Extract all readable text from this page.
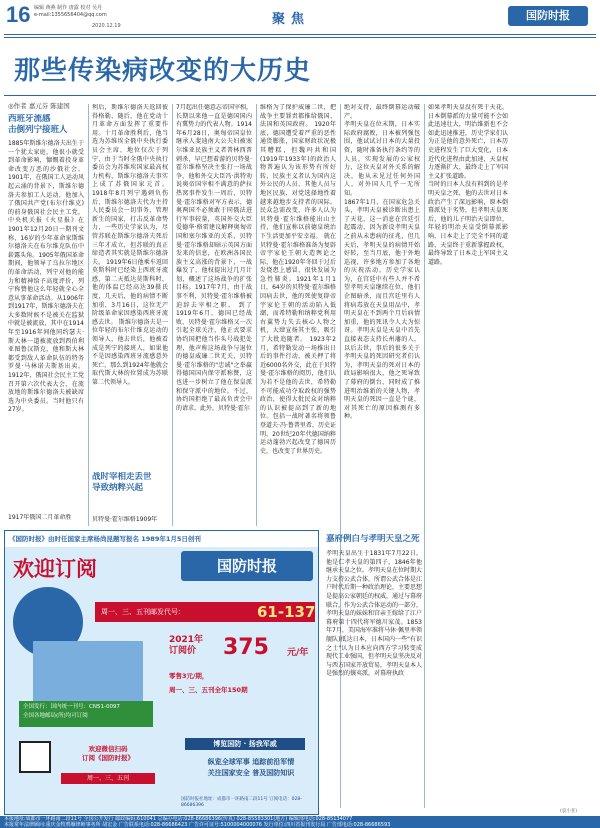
16 编辑 蒋燕 制作 唐露 校对 吴丹
e-mail:1355656404@qq.com
2020.12.19	聚焦	国防时报
那些传染病改变的大历史
◎作者 嘉元芬 陈建国
西班牙流感
击倒列宁接班人
1885年斯维尔德洛夫出生于一个犹太家庭，他很小就受到革命影响，慷慨着投身革命改变万恶的沙俄社会。1901年，在俄国工人运动风起云涌的背景下，斯维尔德洛夫参加工人运动，他加入了俄国共产党(布尔什维克)的前身俄国社会民主工党，中央机关报《火星报》在1901年12月20日一期刊文称，16岁的少年革命家斯维尔德洛夫在布尔维克队伍中崭露头角。1905年俄国革命期间，他领导了乌拉尔地区的革命活动，列宁对他的能力和精神给予高度评价，列宁称赞他这么年轻就全心全意从事革命活动。从1906年到1917年，斯维尔德洛夫在大多数时候不是被关在监狱中就是被流放，其中在1914年至1916年间他同约瑟夫·斯大林一道被流放到西伯利亚图鲁汉斯克，他和斯大林都受到敌人革命队伍的特务罗曼·马林诺夫斯基出卖。1912年，俄国社会民主工党召开第六次代表大会，在流放地的斯维尔德洛夫被缺席选为中央委员。当时他只有27岁。
1917年俄国二月革命胜
利后，斯维尔德洛夫返回彼得格勒，随后，他在党动十月革命方面发挥了重要作用。十月革命胜利后，他当选为苏维埃全俄中央执行委员会主席，地位仅次于列宁，由于当时全俄中央执行委员会为苏维埃国家最高权力机构，斯维尔德洛夫事实上成了苏俄国家元首。 1918年8月列宁遇刺负伤后，斯维尔德洛夫代为主持人民委员会一切事务，管理新生的国家，打击反革命势力，一些历史学家认为，尽管苏联在斯维尔德洛夫死后三年才成立，但苏联的真正缔造者其实就是斯维尔德洛夫。 1919年6日他乘车返回莫斯科时已经染上西班牙流感，第二天抵达莫斯科时，他的体温已经高达39摄氏度，几天后，他的病情不断加重，3月16日，这位无产阶级革命家因感染西班牙流感去世。 斯维尔德洛夫是一位年轻的布尔什维克运动的领导人，他去世后，他被看成是列宁的接班人，如果他不是因感染西班牙流感意外死亡，那么到1924年他就会取代斯大林的位置成为苏联第二代领导人。
战时宰相走丢世
导致纳粹兴起
贝特曼·霍尔维格1909年
7月起出任德意志帝国宰相，长期以来他一直是德国国内有冀势力的代表人物。1914年6月28日，奥匈帝国皇位继承人斐迪南大公夫妇被塞尔维亚民族主义者普林西普刺杀，早已想着游的贝特曼·霍尔维格坚决主张打一场战争，他和外交大臣冯·洪特劝说奥帝国宰相不满意的萨拉热窝事件发生一周后，贝特曼·霍尔维格对军方表示，德奥两国不必须敢于同俄法进行军事较量，英国外交大臣爱德华·格雷建议解释奥匈帝国和塞尔维亚的关系，贝特曼·霍尔维格却暗示英国方面发来的信息，在欧洲各国民族主义高涨的背景下，一战爆发了，他权提出过几月计划，概述了这场战争的扩张目标。1917年7月，由于战事不利，贝特曼·霍尔维格被迫辞去宰相之职。 到了1919年6月，德国已经战败，贝特曼·霍尔维格又一次引起全球关注，他正式要求协约国把他当作头号战犯处理，他声称这场战争与退位的德皇威廉二世无关，贝特曼·霍尔维格的"忠诚"之举赢得德国国内保守派称赞，这也进一步树立了他在保皇派和保守派中的地位。不过，协约国拒绝了最高负责会中的请求。此外，贝特曼·霍尔
维格为了保护威廉二世，把战争主要罪责都推给俄国、法国和英国政府。 1920年底，德国遭受着严重的恶性通货膨胀，国家财政状况极其糟糕，但魏玛共和国(1919年1933年)的政治人物普遍认为该形势有所好转，民族主义者认为国内这外公民的人员，其他人员与地区民族，对党选择地性着越来越地步支持者的国际。民众急需改变，许多人认为贝特曼·霍尔维格能出山主持，他们宣称以前德皇统治下生活更加平安幸福。 就在贝特曼·霍尔维格准备为复辟帝宇家伦王朝大造舆论之际，他在1920年冬回于过后发烧患上感冒，很快发展为急性肺炎。1921年1月1日，64岁的贝特曼·霍尔维格因病去世，他的死使复辟帝宇家伦王朝的活动陷入低潮，而希特勒和纳粹党利用右翼势力失去核心人物之机，大肆宣扬其主张，吸引了大批追随者。 1923年2月，希特勒发动一场推出日后的事件行动，被关押了将近6000名外交，此在于贝特曼·霍尔维格的阅历，他们认为若不是他的去世，希特勒不可能成功夺取政权的强势政治，使得大批民众对纳粹的认识被提高到了新的地位。包括一战时著名将领鲁登道夫·冯·鲁普里希，历史证明，20世纪20年代德国纳粹运动蓬勃兴起改变了德国历史，也改变了世界历史。
绝对支持，最终倒幕运动破产。
孝明天皇在位末期，日本实际政府腐败，日本被列强包围，他试试讨日本的大量投资，随时准备执行条约等的人员，实现发展的公家权力，这位天皇对外关系的解决，他从未见过任何外国人，对外国人几乎一无所知。
1867年1月，在国家危急关头，孝明天皇被诊断出患上了天花，这一消息在宫廷引起震动，因为新设孝明天皇之前从未患病的征兆，但几天后，孝明天皇的病情开始好转，至当月底，他于外地巡视，许多地方参加了各地的庆祝活动。历史学家认为，在宫廷中有些人并不希望孝明天皇继续在位，他们企图暗杀，而且宫廷里有人将病毒放在天皇用品中，孝明天皇在不到两个月后病情加重，他的死讯令人大为惊讶。孝明天皇是天皇中首先直接表态支持长州藩的人，以后去世，事后的很多关于孝明天皇的死因研究者们认为，孝明天皇的死对日本的政局影响很大，他之死导致了幕府的倒台，同时成了推进明治维新的关键人物，孝明天皇的死因一直是个谜，对其死亡的原因推测有多种。
如果孝明天皇没有死于天花，日本倒幕派的力量可能不会如此迅速壮大，明治维新也不会如此迅速推进，历史学家们认为正是他的意外死亡，日本历史进程发生了巨大变化，日本近代化进程由此加速，天皇权力逐渐扩大，最终走上了军国主义扩张道路。
当时的日本人没有料到的是孝明天皇之死，他的去世对日本政治产生了深远影响，原本倒幕派处于劣势，但孝明天皇死后，他的儿子明治天皇即位，年轻的明治天皇受倒幕派影响，日本走上了完全不同的道路，天皇终于重新掌握政权，最终导致了日本走上军国主义道路。
嘉府例白与孝明天皇之死
孝明天皇出生于1831年7月22日，他是仁孝天皇的第四子，1846年他继承天皇之位。孝明天皇在位时期大力支持公武合体，所谓公武合体是江户时代后期一种政治理论，主要思想是提高公家朝廷的权威，通过与幕府联合，作为公武合体运动的一部分，孝明天皇的妹妹和宫亲王嫁给了江户幕府第十四代将军德川家茂。1853年7月，美国海军准将马休·佩里率领舰队)抵达日本，日本国内一些"有识之士"认为日本应向西方学习转变成现代工业强国，但孝明天皇坚决反对与西方国家开放贸易，孝明天皇本人是强烈的攘夷派，对幕府执政
(袁小亚)
《国防时报》由时任国家主席杨尚昆题写报名 1989年1月5日创刊
欢迎订阅	国防时报
周一、三、五刊邮发代号：	61-137
2021年
订阅价	375 元/年
零售3元/期，
周一、三、五刊全年150期
全国发行：国内统一刊号：CN51-0097
全国各地邮局(所)均可订阅
博览国防 · 扬我军威
纵览全球军事 追踪前沿军情
关注国家安全 普及国防知识
欢迎微信扫码
订阅《国防时报》
周一、三、五刊
国防时报社地址：成都市一环路南二段11号 订阅电话：028-86686396
本报地址:成都市一环路南二段11号 全国公开发行 邮政编码:610041 总编办电话:028-86686396(传真) 028-85583301(地方) 编辑部电话:028-85134077
本报常年法律顾问:重庆金牧鸦雁律师事务所 胡宏金 广告联系电话:028-86686423 广告许可证号:5100004000076 发行单位:四川省报刊发行局 广告部电话:028-86686593
